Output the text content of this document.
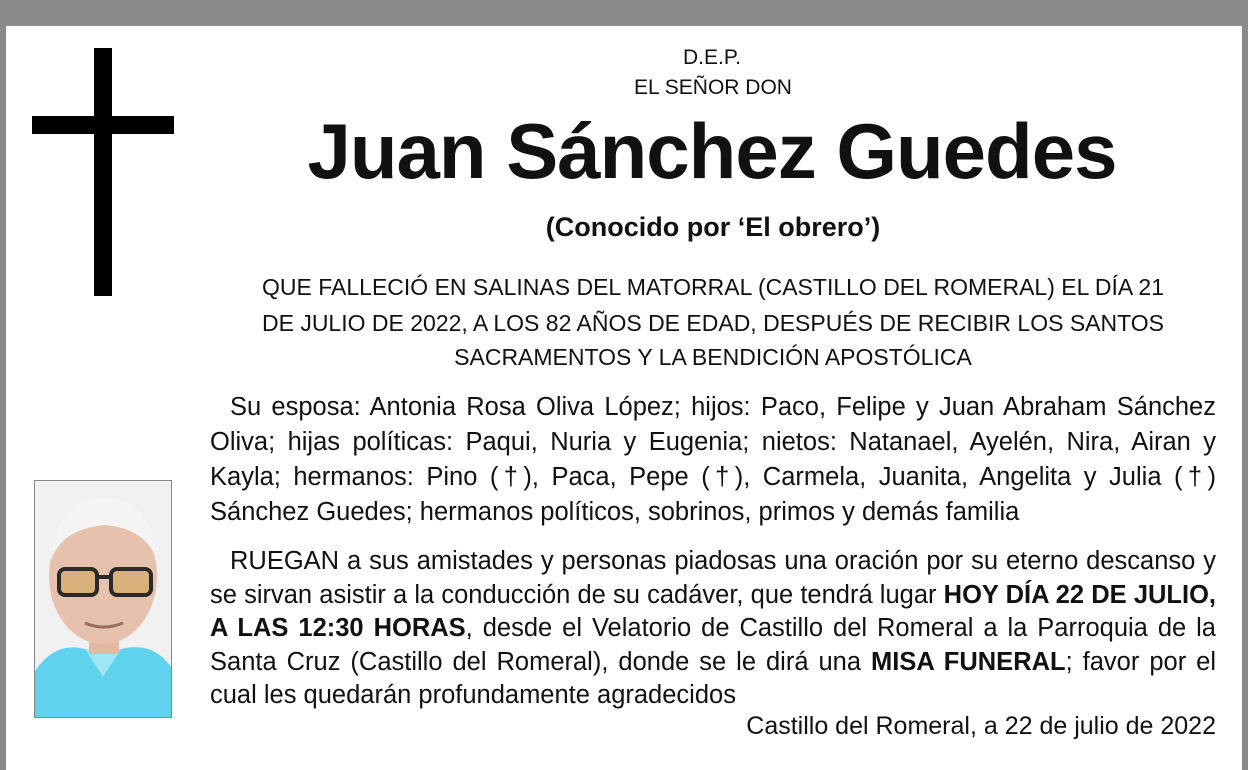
D.E.P.
EL SEÑOR DON
Juan Sánchez Guedes
(Conocido por ‘El obrero’)
QUE FALLECIÓ EN SALINAS DEL MATORRAL (CASTILLO DEL ROMERAL) EL DÍA 21
DE JULIO DE 2022, A LOS 82 AÑOS DE EDAD, DESPUÉS DE RECIBIR LOS SANTOS
SACRAMENTOS Y LA BENDICIÓN APOSTÓLICA
Su esposa: Antonia Rosa Oliva López; hijos: Paco, Felipe y Juan Abraham Sánchez Oliva; hijas políticas: Paqui, Nuria y Eugenia; nietos: Natanael, Ayelén, Nira, Airan y Kayla; hermanos: Pino (†), Paca, Pepe (†), Carmela, Juanita, Angelita y Julia (†) Sánchez Guedes; hermanos políticos, sobrinos, primos y demás familia
RUEGAN a sus amistades y personas piadosas una oración por su eterno descanso y se sirvan asistir a la conducción de su cadáver, que tendrá lugar HOY DÍA 22 DE JULIO, A LAS 12:30 HORAS, desde el Velatorio de Castillo del Romeral a la Parroquia de la Santa Cruz (Castillo del Romeral), donde se le dirá una MISA FUNERAL; favor por el cual les quedarán profundamente agradecidos
Castillo del Romeral, a 22 de julio de 2022
